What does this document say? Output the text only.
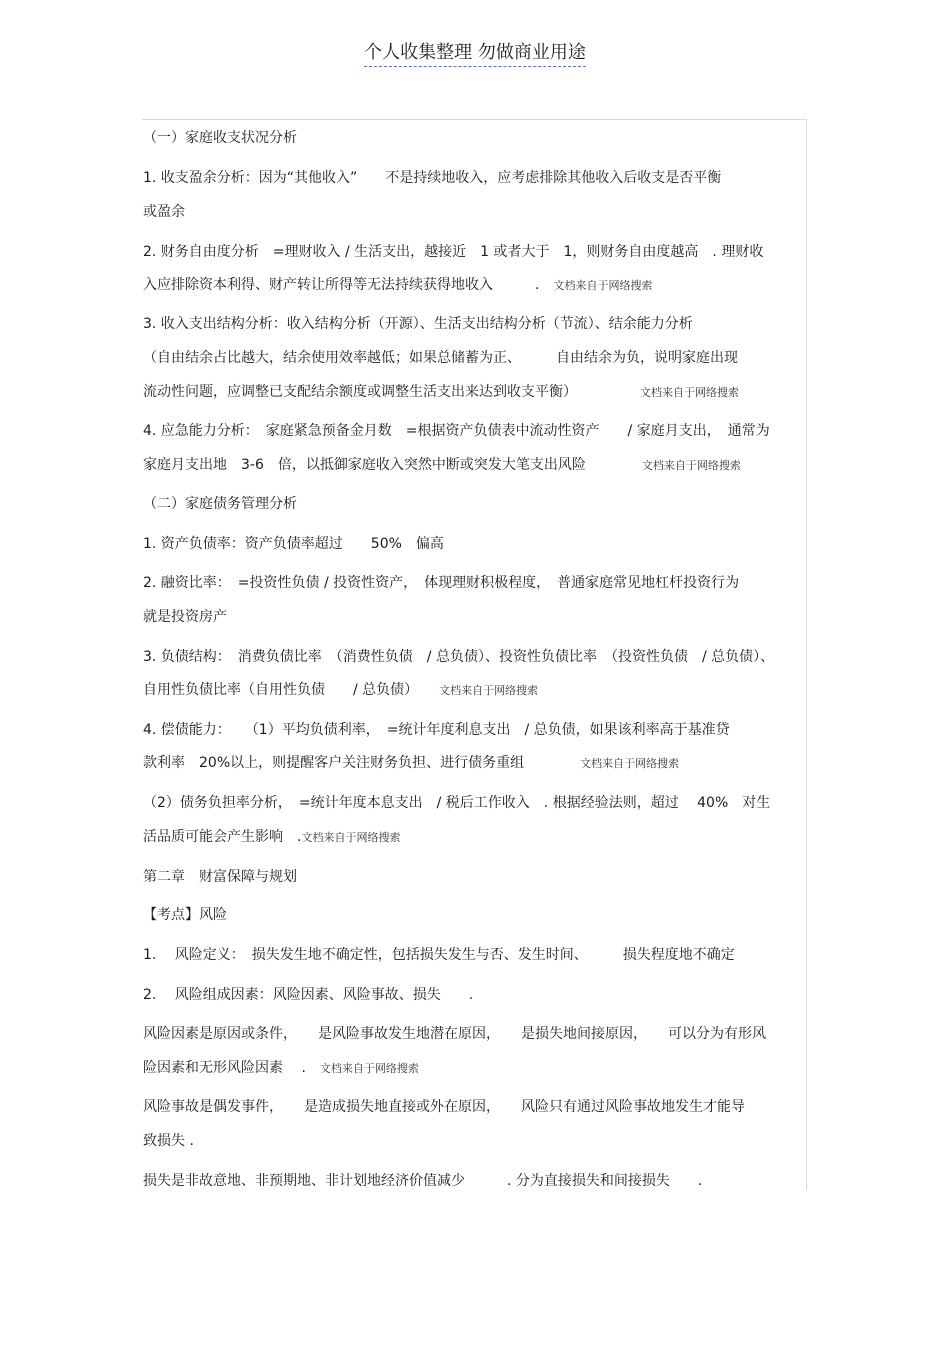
个人收集整理 勿做商业用途
（一）家庭收支状况分析
1. 收支盈余分析：因为“其他收入”　　不是持续地收入，应考虑排除其他收入后收支是否平衡
或盈余
2. 财务自由度分析　=理财收入 / 生活支出，越接近　1 或者大于　1，则财务自由度越高　. 理财收
入应排除资本利得、财产转让所得等无法持续获得地收入　　　.　 文档来自于网络搜索
3. 收入支出结构分析：收入结构分析（开源）、生活支出结构分析（节流）、结余能力分析
（自由结余占比越大，结余使用效率越低；如果总储蓄为正、　　　自由结余为负，说明家庭出现
流动性问题，应调整已支配结余额度或调整生活支出来达到收支平衡）　　　　　	文档来自于网络搜索
4. 应急能力分析：　家庭紧急预备金月数　=根据资产负债表中流动性资产　　/ 家庭月支出，　通常为
家庭月支出地　3-6　倍，以抵御家庭收入突然中断或突发大笔支出风险　　　　	文档来自于网络搜索
（二）家庭债务管理分析
1. 资产负债率：资产负债率超过　　50%　偏高
2. 融资比率：　=投资性负债 / 投资性资产，　体现理财积极程度，　普通家庭常见地杠杆投资行为
就是投资房产
3. 负债结构：　消费负债比率　（消费性负债　/ 总负债）、投资性负债比率　（投资性负债　/ 总负债）、
自用性负债比率（自用性负债　　/ 总负债）　　	文档来自于网络搜索
4. 偿债能力：　　（1）平均负债利率，　=统计年度利息支出　/ 总负债，如果该利率高于基准贷
款利率　20%以上，则提醒客户关注财务负担、进行债务重组　　　　	文档来自于网络搜索
（2）债务负担率分析，　=统计年度本息支出　/ 税后工作收入　. 根据经验法则，超过　 40%　对生
活品质可能会产生影响　.文档来自于网络搜索
第二章　财富保障与规划
【考点】风险
1.　 风险定义：　损失发生地不确定性，包括损失发生与否、发生时间、　　　损失程度地不确定
2.　 风险组成因素：风险因素、风险事故、损失　　.
风险因素是原因或条件，　　是风险事故发生地潜在原因，　　是损失地间接原因，　　可以分为有形风
险因素和无形风险因素　 .　 文档来自于网络搜索
风险事故是偶发事件，　　是造成损失地直接或外在原因，　　风险只有通过风险事故地发生才能导
致损失 .
损失是非故意地、非预期地、非计划地经济价值减少　　　. 分为直接损失和间接损失　　.
